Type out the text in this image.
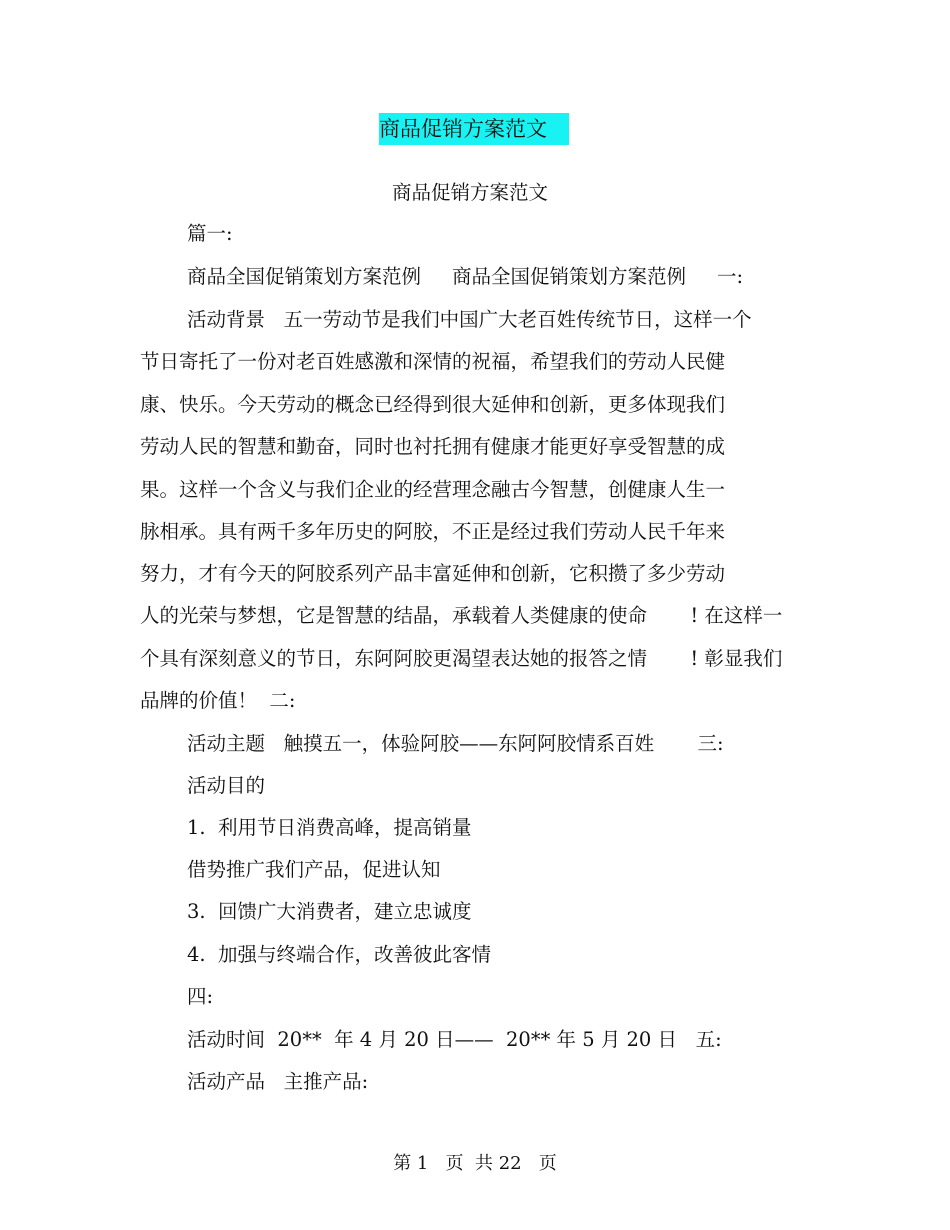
商品促销方案范文
商品促销方案范文
篇一:
商品全国促销策划方案范例     商品全国促销策划方案范例     一:
活动背景   五一劳动节是我们中国广大老百姓传统节日，这样一个
节日寄托了一份对老百姓感激和深情的祝福，希望我们的劳动人民健
康、快乐。今天劳动的概念已经得到很大延伸和创新，更多体现我们
劳动人民的智慧和勤奋，同时也衬托拥有健康才能更好享受智慧的成
果。这样一个含义与我们企业的经营理念融古今智慧，创健康人生一
脉相承。具有两千多年历史的阿胶，不正是经过我们劳动人民千年来
努力，才有今天的阿胶系列产品丰富延伸和创新，它积攒了多少劳动
人的光荣与梦想，它是智慧的结晶，承载着人类健康的使命       ! 在这样一
个具有深刻意义的节日，东阿阿胶更渴望表达她的报答之情       ! 彰显我们
品牌的价值！  二:
活动主题   触摸五一，体验阿胶——东阿阿胶情系百姓       三:
活动目的
1.  利用节日消费高峰，提高销量
借势推广我们产品，促进认知
3.  回馈广大消费者，建立忠诚度
4.  加强与终端合作，改善彼此客情
四:
活动时间  20**  年 4 月 20 日——  20** 年 5 月 20 日   五:
活动产品   主推产品:
第 1   页  共 22   页
